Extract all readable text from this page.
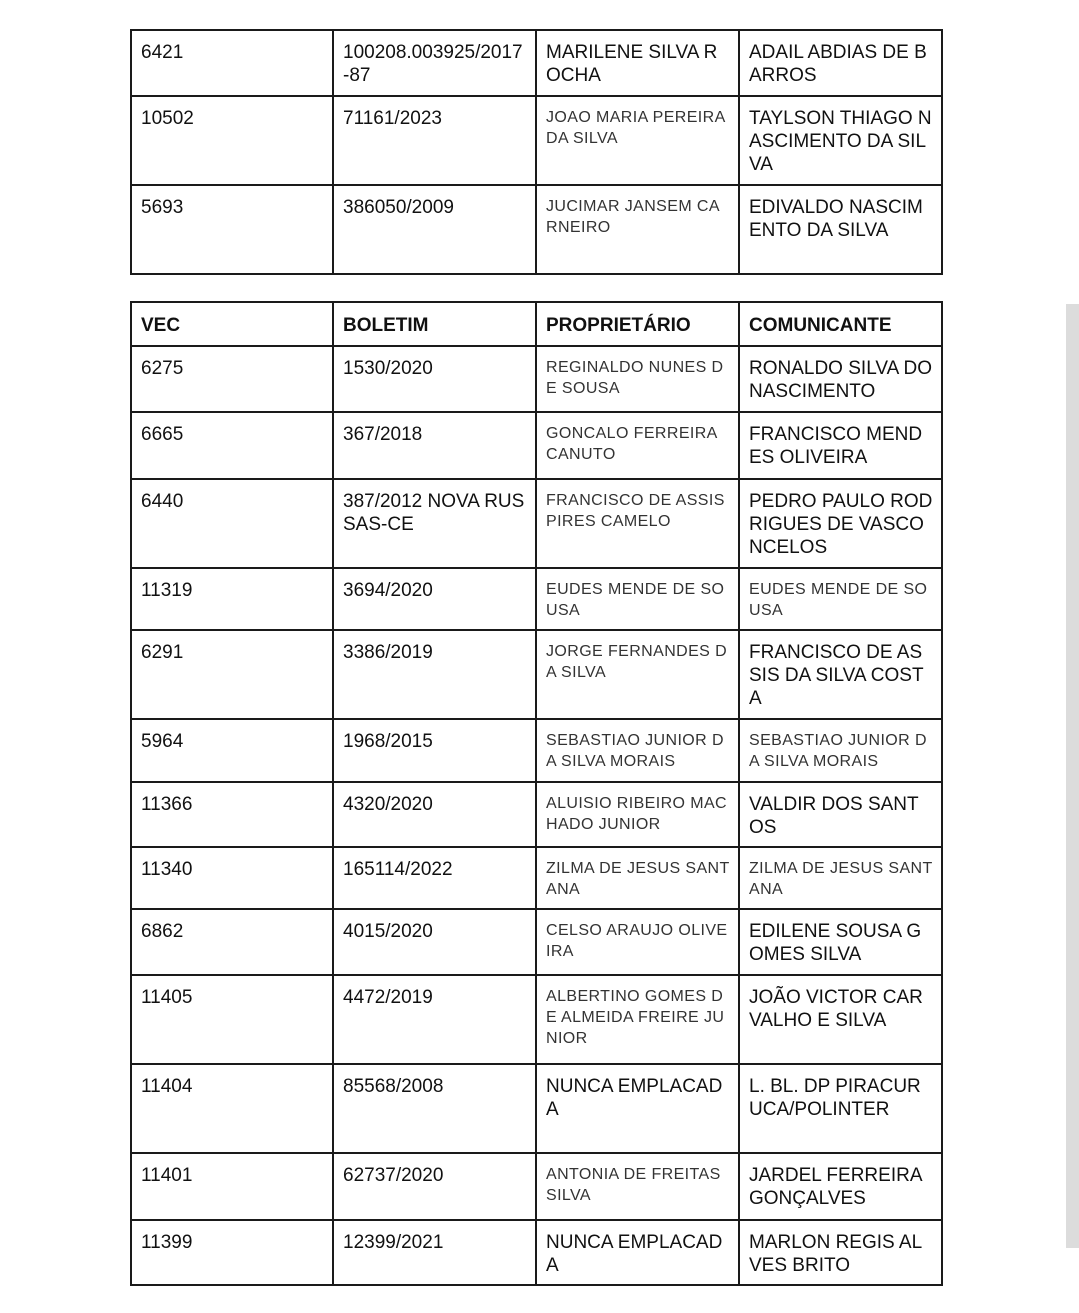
6421	100208.003925/2017-87	MARILENE SILVA ROCHA	ADAIL ABDIAS DE BARROS
10502	71161/2023	JOAO MARIA PEREIRA DA SILVA	TAYLSON THIAGO NASCIMENTO DA SILVA
5693	386050/2009	JUCIMAR JANSEM CARNEIRO	EDIVALDO NASCIMENTO DA SILVA
VEC	BOLETIM	PROPRIETÁRIO	COMUNICANTE
6275	1530/2020	REGINALDO NUNES DE SOUSA	RONALDO SILVA DO NASCIMENTO
6665	367/2018	GONCALO FERREIRA CANUTO	FRANCISCO MENDES OLIVEIRA
6440	387/2012 NOVA RUSSAS-CE	FRANCISCO DE ASSIS PIRES CAMELO	PEDRO PAULO RODRIGUES DE VASCONCELOS
11319	3694/2020	EUDES MENDE DE SOUSA	EUDES MENDE DE SOUSA
6291	3386/2019	JORGE FERNANDES DA SILVA	FRANCISCO DE ASSIS DA SILVA COSTA
5964	1968/2015	SEBASTIAO JUNIOR DA SILVA MORAIS	SEBASTIAO JUNIOR DA SILVA MORAIS
11366	4320/2020	ALUISIO RIBEIRO MACHADO JUNIOR	VALDIR DOS SANTOS
11340	165114/2022	ZILMA DE JESUS SANTANA	ZILMA DE JESUS SANTANA
6862	4015/2020	CELSO ARAUJO OLIVEIRA	EDILENE SOUSA GOMES SILVA
11405	4472/2019	ALBERTINO GOMES DE ALMEIDA FREIRE JUNIOR	JOÃO VICTOR CARVALHO E SILVA
11404	85568/2008	NUNCA EMPLACADA	L. BL. DP PIRACURUCA/POLINTER
11401	62737/2020	ANTONIA DE FREITAS SILVA	JARDEL FERREIRA GONÇALVES
11399	12399/2021	NUNCA EMPLACADA	MARLON REGIS ALVES BRITO
